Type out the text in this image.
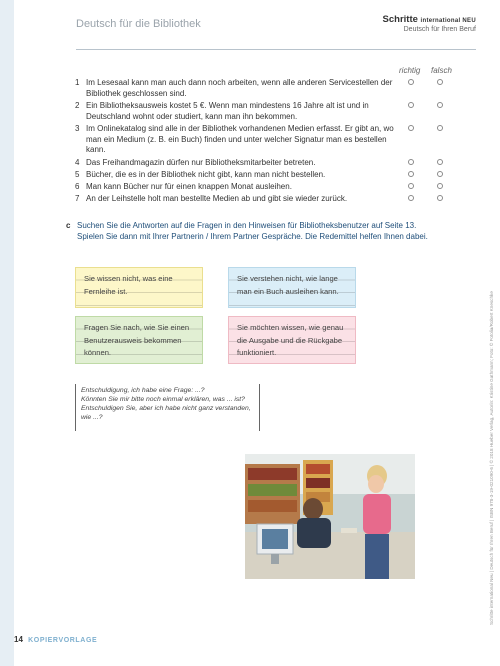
Deutsch für die Bibliothek	Schritte international NEU
Deutsch für Ihren Beruf
richtig falsch
1 Im Lesesaal kann man auch dann noch arbeiten, wenn alle anderen Servicestellen der Bibliothek geschlossen sind.
2 Ein Bibliotheksausweis kostet 5 €. Wenn man mindestens 16 Jahre alt ist und in Deutschland wohnt oder studiert, kann man ihn bekommen.
3 Im Onlinekatalog sind alle in der Bibliothek vorhandenen Medien erfasst. Er gibt an, wo man ein Medium (z. B. ein Buch) finden und unter welcher Signatur man es bestellen kann.
4 Das Freihandmagazin dürfen nur Bibliotheksmitarbeiter betreten.
5 Bücher, die es in der Bibliothek nicht gibt, kann man nicht bestellen.
6 Man kann Bücher nur für einen knappen Monat ausleihen.
7 An der Leihstelle holt man bestellte Medien ab und gibt sie wieder zurück.
c Suchen Sie die Antworten auf die Fragen in den Hinweisen für Bibliotheksbenutzer auf Seite 13.
Spielen Sie dann mit Ihrer Partnerin / Ihrem Partner Gespräche. Die Redemittel helfen Ihnen dabei.
Sie wissen nicht, was eine Fernleihe ist.
Sie verstehen nicht, wie lange man ein Buch ausleihen kann.
Fragen Sie nach, wie Sie einen Benutzerausweis bekommen können.
Sie möchten wissen, wie genau die Ausgabe und die Rückgabe funktioniert.
Entschuldigung, ich habe eine Frage: ...?
Könnten Sie mir bitte noch einmal erklären, was ... ist?
Entschuldigen Sie, aber ich habe nicht ganz verstanden, wie ...?	Schritte international Neu | Deutsch für Ihren Beruf | ISBN 978-3-19-021090-6 | © 2018 Hueber Verlag, Autorin: Kristine Gathmann; Foto: © Fotolia/Robert Kneschke
14 KOPIERVORLAGE
